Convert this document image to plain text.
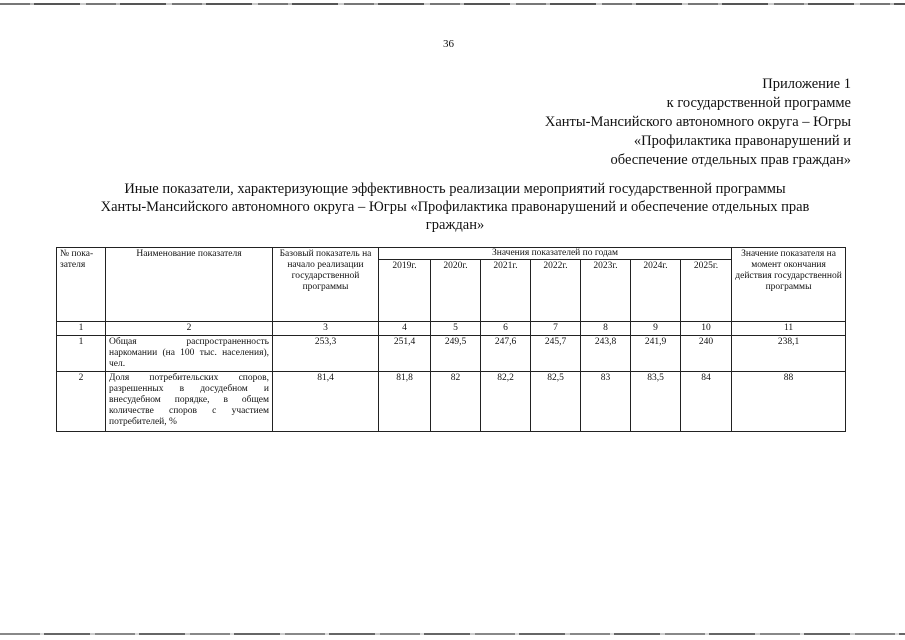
36
Приложение 1
к государственной программе
Ханты-Мансийского автономного округа – Югры
«Профилактика правонарушений и
обеспечение отдельных прав граждан»
Иные показатели, характеризующие эффективность реализации мероприятий государственной программы
Ханты-Мансийского автономного округа – Югры «Профилактика правонарушений и обеспечение отдельных прав
граждан»
№ пока-
зателя	Наименование показателя	Базовый показатель на начало реализации государственной программы	Значения показателей по годам							Значение показателя на момент окончания действия государственной программы
			2019г.	2020г.	2021г.	2022г.	2023г.	2024г.	2025г.	
1	2	3	4	5	6	7	8	9	10	11
1	Общая распространенность наркомании (на 100 тыс. населения), чел.	253,3	251,4	249,5	247,6	245,7	243,8	241,9	240	238,1
2	Доля потребительских споров, разрешенных в досудебном и внесудебном порядке, в общем количестве споров с участием потребителей, %	81,4	81,8	82	82,2	82,5	83	83,5	84	88
